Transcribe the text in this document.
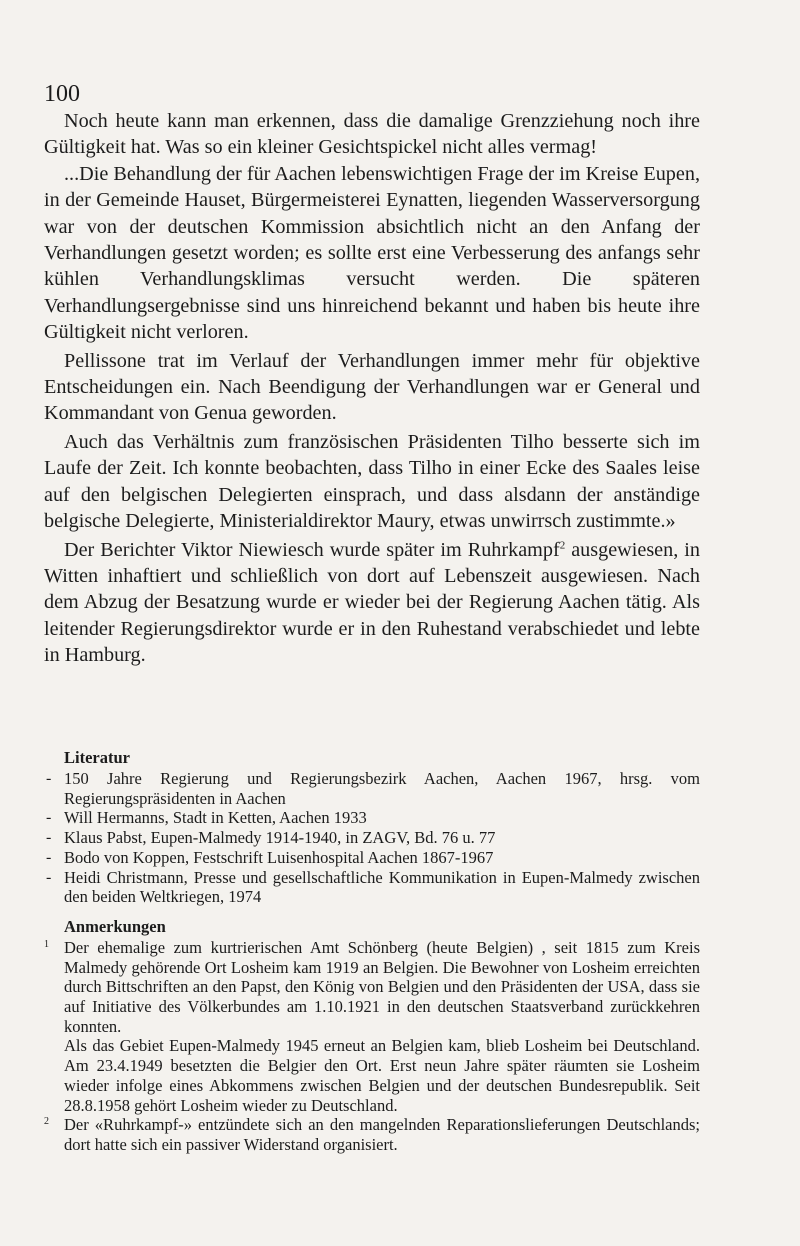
100

Noch heute kann man erkennen, dass die damalige Grenzziehung noch ihre Gültigkeit hat. Was so ein kleiner Gesichtspickel nicht alles vermag!

...Die Behandlung der für Aachen lebenswichtigen Frage der im Kreise Eupen, in der Gemeinde Hauset, Bürgermeisterei Eynatten, liegenden Wasserversorgung war von der deutschen Kommission absichtlich nicht an den Anfang der Verhandlungen gesetzt worden; es sollte erst eine Verbesserung des anfangs sehr kühlen Verhandlungsklimas versucht werden. Die späteren Verhandlungsergebnisse sind uns hinreichend bekannt und haben bis heute ihre Gültigkeit nicht verloren.

Pellissone trat im Verlauf der Verhandlungen immer mehr für objektive Entscheidungen ein. Nach Beendigung der Verhandlungen war er General und Kommandant von Genua geworden.

Auch das Verhältnis zum französischen Präsidenten Tilho besserte sich im Laufe der Zeit. Ich konnte beobachten, dass Tilho in einer Ecke des Saales leise auf den belgischen Delegierten einsprach, und dass alsdann der anständige belgische Delegierte, Ministerialdirektor Maury, etwas unwirrsch zustimmte.»

Der Berichter Viktor Niewiesch wurde später im Ruhrkampf$^2$ ausgewiesen, in Witten inhaftiert und schließlich von dort auf Lebenszeit ausgewiesen. Nach dem Abzug der Besatzung wurde er wieder bei der Regierung Aachen tätig. Als leitender Regierungsdirektor wurde er in den Ruhestand verabschiedet und lebte in Hamburg.

Literatur
- 150 Jahre Regierung und Regierungsbezirk Aachen, Aachen 1967, hrsg. vom Regierungspräsidenten in Aachen
- Will Hermanns, Stadt in Ketten, Aachen 1933
- Klaus Pabst, Eupen-Malmedy 1914-1940, in ZAGV, Bd. 76 u. 77
- Bodo von Koppen, Festschrift Luisenhospital Aachen 1867-1967
- Heidi Christmann, Presse und gesellschaftliche Kommunikation in Eupen-Malmedy zwischen den beiden Weltkriegen, 1974
Anmerkungen
1 Der ehemalige zum kurtrierischen Amt Schönberg (heute Belgien) , seit 1815 zum Kreis Malmedy gehörende Ort Losheim kam 1919 an Belgien. Die Bewohner von Losheim erreichten durch Bittschriften an den Papst, den König von Belgien und den Präsidenten der USA, dass sie auf Initiative des Völkerbundes am 1.10.1921 in den deutschen Staatsverband zurückkehren konnten.

Als das Gebiet Eupen-Malmedy 1945 erneut an Belgien kam, blieb Losheim bei Deutschland. Am 23.4.1949 besetzten die Belgier den Ort. Erst neun Jahre später räumten sie Losheim wieder infolge eines Abkommens zwischen Belgien und der deutschen Bundesrepublik. Seit 28.8.1958 gehört Losheim wieder zu Deutschland.

2 Der «Ruhrkampf-» entzündete sich an den mangelnden Reparationslieferungen Deutschlands; dort hatte sich ein passiver Widerstand organisiert.
